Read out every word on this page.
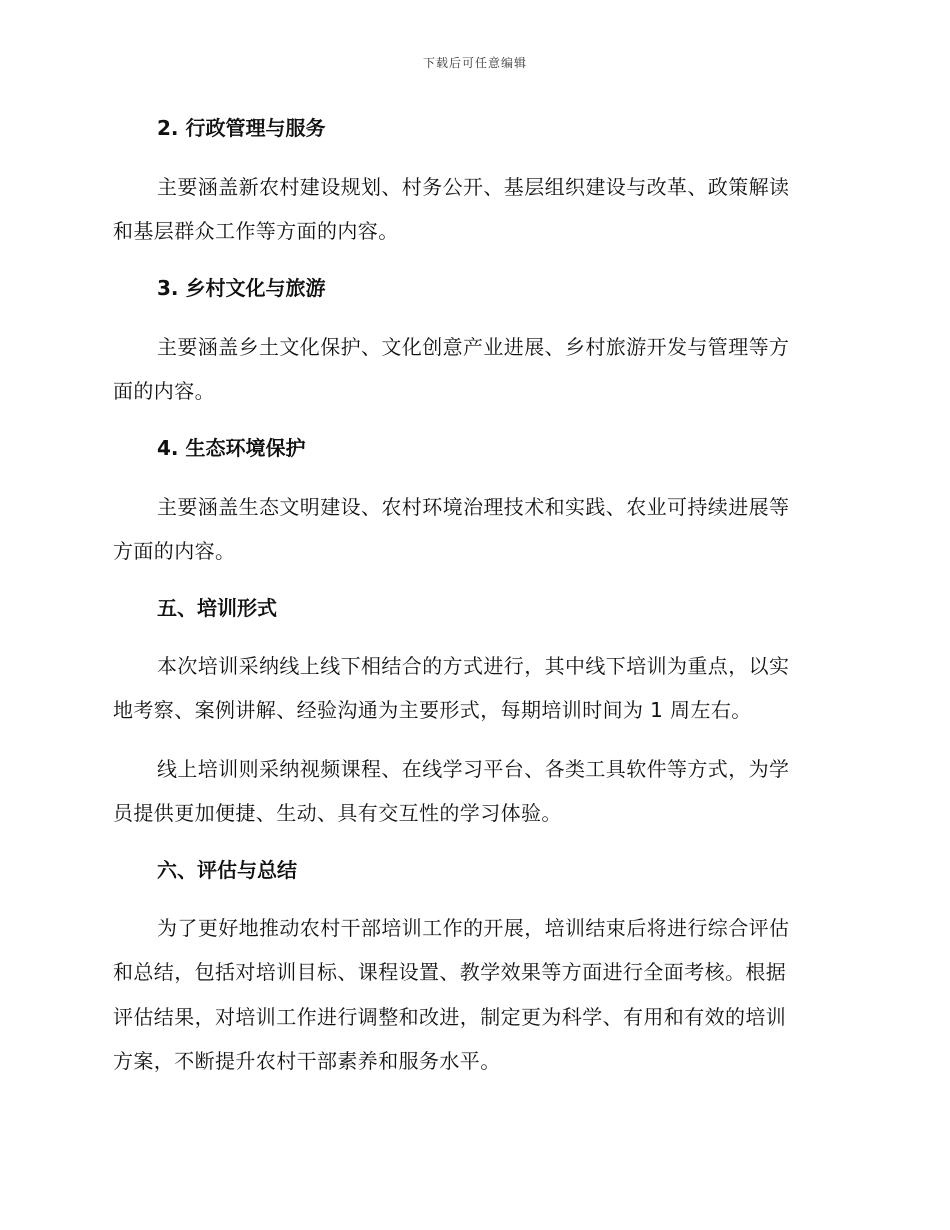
下载后可任意编辑
2. 行政管理与服务
主要涵盖新农村建设规划、村务公开、基层组织建设与改革、政策解读
和基层群众工作等方面的内容。
3. 乡村文化与旅游
主要涵盖乡土文化保护、文化创意产业进展、乡村旅游开发与管理等方
面的内容。
4. 生态环境保护
主要涵盖生态文明建设、农村环境治理技术和实践、农业可持续进展等
方面的内容。
五、培训形式
本次培训采纳线上线下相结合的方式进行，其中线下培训为重点，以实
地考察、案例讲解、经验沟通为主要形式，每期培训时间为 1 周左右。
线上培训则采纳视频课程、在线学习平台、各类工具软件等方式，为学
员提供更加便捷、生动、具有交互性的学习体验。
六、评估与总结
为了更好地推动农村干部培训工作的开展，培训结束后将进行综合评估
和总结，包括对培训目标、课程设置、教学效果等方面进行全面考核。根据
评估结果，对培训工作进行调整和改进，制定更为科学、有用和有效的培训
方案，不断提升农村干部素养和服务水平。
